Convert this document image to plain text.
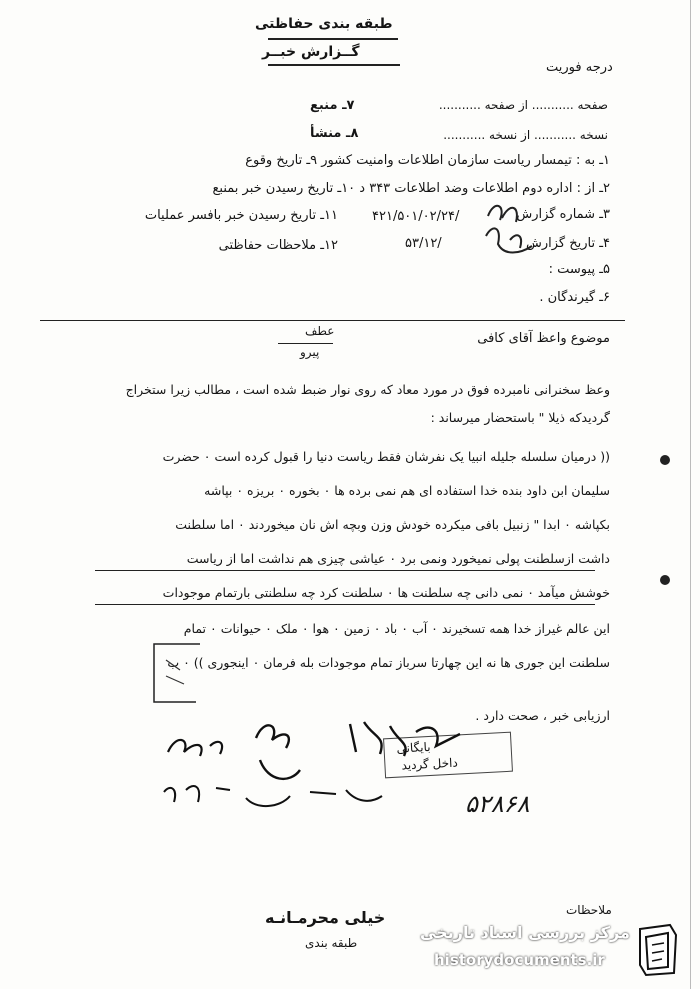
طبقه بندی حفاظتی
گــزارش خبــر
درجه فوریت
صفحه ........... از صفحه ...........
نسخه ........... از نسخه ...........
۷ـ منبع
۸ـ منشأ
۱ـ به : تیمسار ریاست سازمان اطلاعات وامنیت کشور ۹ـ تاریخ وقوع
۲ـ از : اداره دوم اطلاعات وضد اطلاعات ۳۴۳ د ۱۰ـ تاریخ رسیدن خبر بمنبع
۳ـ شماره گزارش
۴۲۱/۵۰۱/۰۲/۲۴/
۱۱ـ تاریخ رسیدن خبر بافسر عملیات
۴ـ تاریخ گزارش
۵۳/۱۲/
۱۲ـ ملاحظات حفاظتی
۵ـ پیوست :
۶ـ گیرندگان .
موضوع واعظ آقای کافی
عطف
پیرو
وعظ سخنرانی نامبرده فوق در مورد معاد که روی نوار ضبط شده است ، مطالب زیرا ستخراج
گردیدکه ذیلا " باستحضار میرساند :
(( درمیان سلسله جلیله انبیا یک نفرشان فقط ریاست دنیا را قبول کرده است ۰ حضرت
سلیمان ابن داود بنده خدا استفاده ای هم نمی برده ها ۰ بخوره ۰ بریزه ۰ بپاشه
بکپاشه ۰ ابدا " زنبیل بافی میکرده خودش وزن وبچه اش نان میخوردند ۰ اما سلطنت
داشت ازسلطنت پولی نمیخورد ونمی برد ۰ عیاشی چیزی هم نداشت اما از ریاست
خوشش میآمد ۰ نمی دانی چه سلطنت ها ۰ سلطنت کرد چه سلطنتی بارتمام موجودات
این عالم غیراز خدا همه تسخیرند ۰ آب ۰ باد ۰ زمین ۰ هوا ۰ ملک ۰ حیوانات ۰ تمام
سلطنت این جوری ها نه این چهارتا سرباز تمام موجودات بله فرمان ۰ اینجوری )) ۰ ب
ارزیابی خبر ، صحت دارد .
بایگانی
داخل گردید
۵۲۸۶۸
ملاحظات
خیلی محرمـانـه
طبقه بندی
مرکز بررسی اسناد تاریخی
historydocuments.ir
